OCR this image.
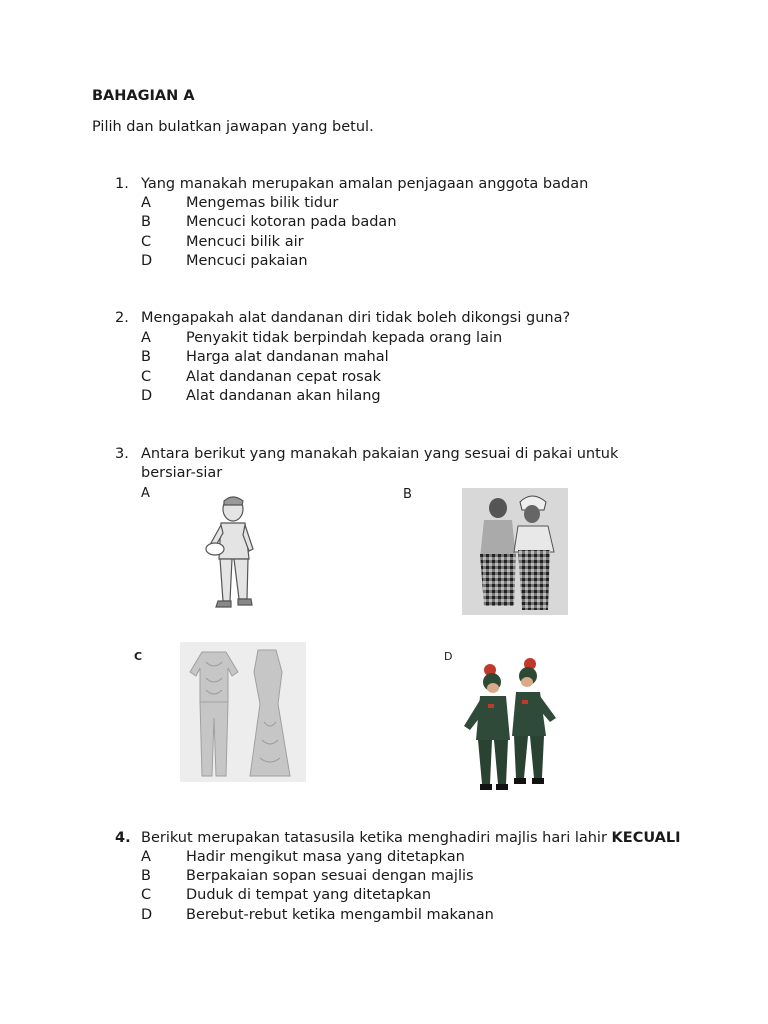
BAHAGIAN A
Pilih dan bulatkan jawapan yang betul.
1. Yang manakah merupakan amalan penjagaan anggota badan
A Mengemas bilik tidur
B Mencuci kotoran pada badan
C Mencuci bilik air
D Mencuci pakaian
2. Mengapakah alat dandanan diri tidak boleh dikongsi guna?
A Penyakit tidak berpindah kepada orang lain
B Harga alat dandanan mahal
C Alat dandanan cepat rosak
D Alat dandanan akan hilang
3. Antara berikut yang manakah pakaian yang sesuai di pakai untuk
bersiar-siar
A	B
C	D
4. Berikut merupakan tatasusila ketika menghadiri majlis hari lahir KECUALI
A Hadir mengikut masa yang ditetapkan
B Berpakaian sopan sesuai dengan majlis
C Duduk di tempat yang ditetapkan
D Berebut-rebut ketika mengambil makanan
